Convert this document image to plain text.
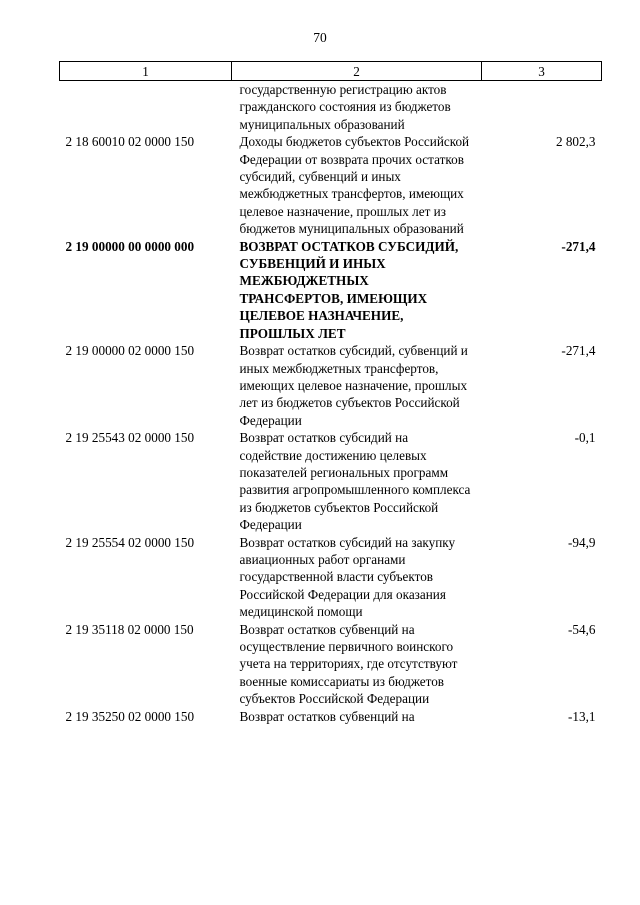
70
1	2	3
	государственную регистрацию актов гражданского состояния из бюджетов муниципальных образований	
2 18 60010 02 0000 150	Доходы бюджетов субъектов Российской Федерации от возврата прочих остатков субсидий, субвенций и иных межбюджетных трансфертов, имеющих целевое назначение, прошлых лет из бюджетов муниципальных образований	2 802,3
2 19 00000 00 0000 000	ВОЗВРАТ ОСТАТКОВ СУБСИДИЙ, СУБВЕНЦИЙ И ИНЫХ МЕЖБЮДЖЕТНЫХ ТРАНСФЕРТОВ, ИМЕЮЩИХ ЦЕЛЕВОЕ НАЗНАЧЕНИЕ, ПРОШЛЫХ ЛЕТ	-271,4
2 19 00000 02 0000 150	Возврат остатков субсидий, субвенций и иных межбюджетных трансфертов, имеющих целевое назначение, прошлых лет из бюджетов субъектов Российской Федерации	-271,4
2 19 25543 02 0000 150	Возврат остатков субсидий на содействие достижению целевых показателей региональных программ развития агропромышленного комплекса из бюджетов субъектов Российской Федерации	-0,1
2 19 25554 02 0000 150	Возврат остатков субсидий на закупку авиационных работ органами государственной власти субъектов Российской Федерации для оказания медицинской помощи	-94,9
2 19 35118 02 0000 150	Возврат остатков субвенций на осуществление первичного воинского учета на территориях, где отсутствуют военные комиссариаты из бюджетов субъектов Российской Федерации	-54,6
2 19 35250 02 0000 150	Возврат остатков субвенций на	-13,1
